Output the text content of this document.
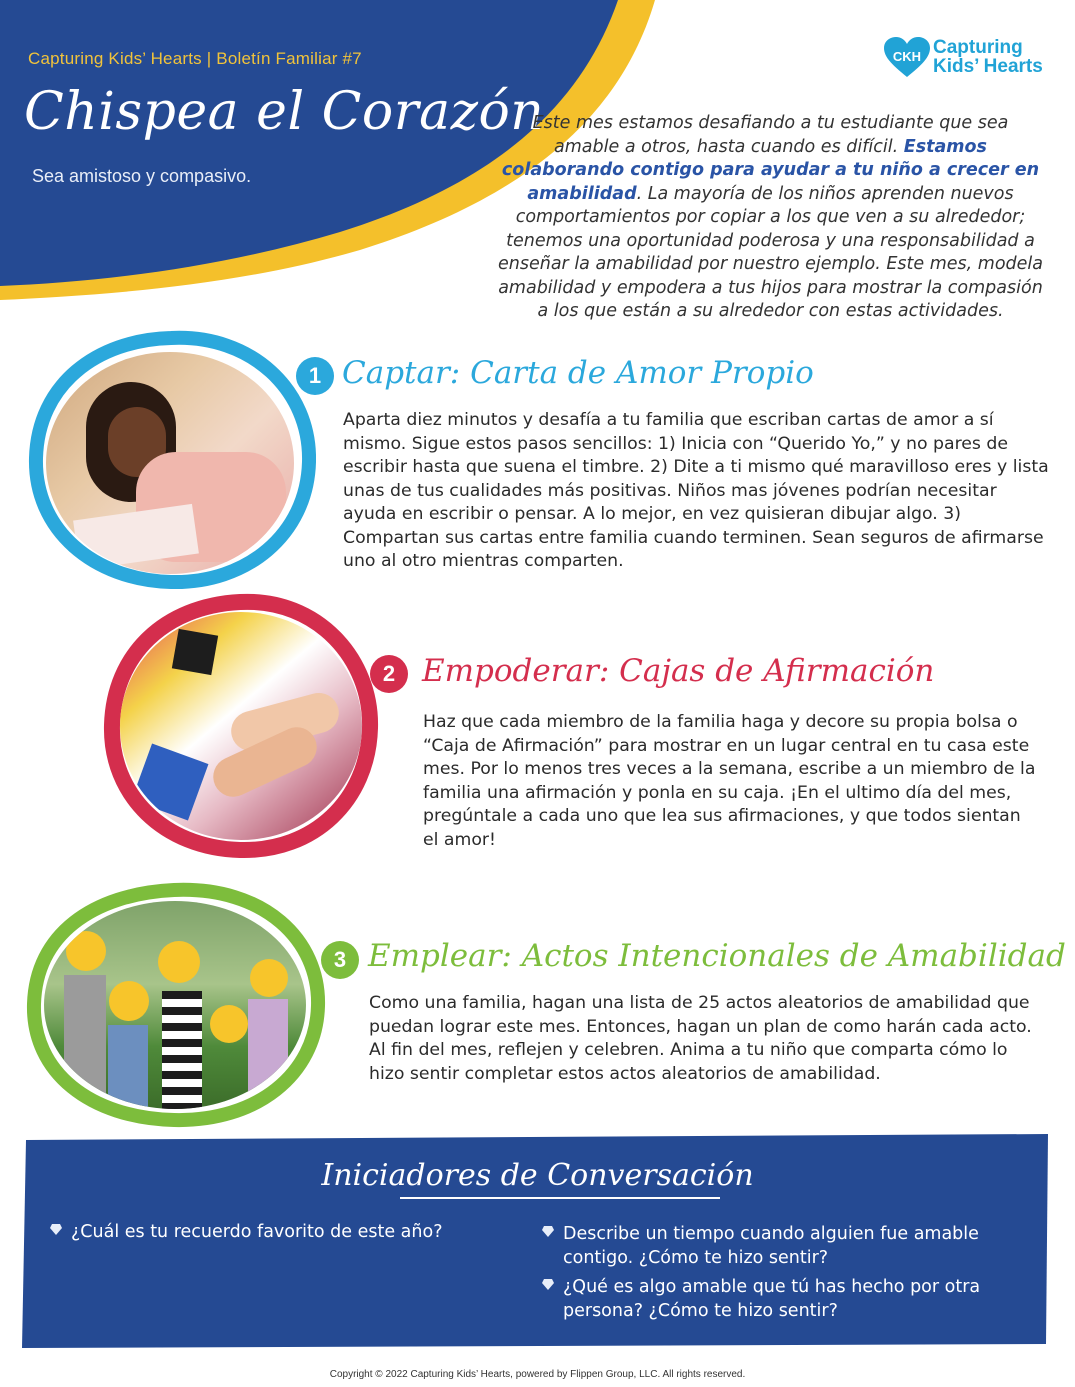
Capturing Kids’ Hearts | Boletín Familiar #7
Chispea el Corazón
Sea amistoso y compasivo.
CKH Capturing
Kids’ Hearts
Este mes estamos desafiando a tu estudiante que sea amable a otros, hasta cuando es difícil. Estamos colaborando contigo para ayudar a tu niño a crecer en amabilidad. La mayoría de los niños aprenden nuevos comportamientos por copiar a los que ven a su alrededor; tenemos una oportunidad poderosa y una responsabilidad a enseñar la amabilidad por nuestro ejemplo. Este mes, modela amabilidad y empodera a tus hijos para mostrar la compasión a los que están a su alrededor con estas actividades.
1 Captar: Carta de Amor Propio
Aparta diez minutos y desafía a tu familia que escriban cartas de amor a sí mismo. Sigue estos pasos sencillos: 1) Inicia con “Querido Yo,” y no pares de escribir hasta que suena el timbre. 2) Dite a ti mismo qué maravilloso eres y lista unas de tus cualidades más positivas. Niños mas jóvenes podrían necesitar ayuda en escribir o pensar. A lo mejor, en vez quisieran dibujar algo. 3) Compartan sus cartas entre familia cuando terminen. Sean seguros de afirmarse uno al otro mientras comparten.
2 Empoderar: Cajas de Afirmación
Haz que cada miembro de la familia haga y decore su propia bolsa o “Caja de Afirmación” para mostrar en un lugar central en tu casa este mes. Por lo menos tres veces a la semana, escribe a un miembro de la familia una afirmación y ponla en su caja. ¡En el ultimo día del mes, pregúntale a cada uno que lea sus afirmaciones, y que todos sientan el amor!
3 Emplear: Actos Intencionales de Amabilidad
Como una familia, hagan una lista de 25 actos aleatorios de amabilidad que puedan lograr este mes. Entonces, hagan un plan de como harán cada acto. Al fin del mes, reflejen y celebren. Anima a tu niño que comparta cómo lo hizo sentir completar estos actos aleatorios de amabilidad.
Iniciadores de Conversación
¿Cuál es tu recuerdo favorito de este año?	Describe un tiempo cuando alguien fue amable contigo. ¿Cómo te hizo sentir?
¿Qué es algo amable que tú has hecho por otra persona? ¿Cómo te hizo sentir?
Copyright © 2022 Capturing Kids’ Hearts, powered by Flippen Group, LLC. All rights reserved.
